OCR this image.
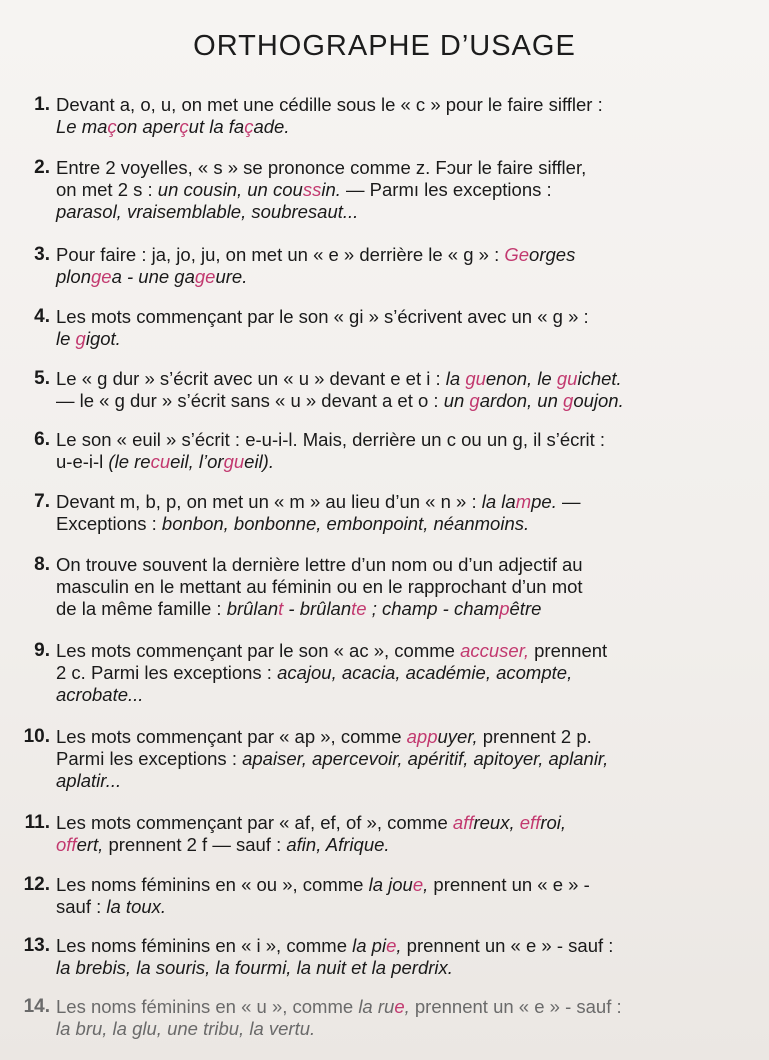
ORTHOGRAPHE D’USAGE
1. Devant a, o, u, on met une cédille sous le « c » pour le faire siffler :
Le maçon aperçut la façade.
2. Entre 2 voyelles, « s » se prononce comme z. Fɔur le faire siffler,
on met 2 s : un cousin, un coussin. — Parmı les exceptions :
parasol, vraisemblable, soubresaut...
3. Pour faire : ja, jo, ju, on met un « e » derrière le « g » : Georges
plongea - une gageure.
4. Les mots commençant par le son « gi » s’écrivent avec un « g » :
le gigot.
5. Le « g dur » s’écrit avec un « u » devant e et i : la guenon, le guichet.
— le « g dur » s’écrit sans « u » devant a et o : un gardon, un goujon.
6. Le son « euil » s’écrit : e-u-i-l. Mais, derrière un c ou un g, il s’écrit :
u-e-i-l (le recueil, l’orgueil).
7. Devant m, b, p, on met un « m » au lieu d’un « n » : la lampe. —
Exceptions : bonbon, bonbonne, embonpoint, néanmoins.
8. On trouve souvent la dernière lettre d’un nom ou d’un adjectif au
masculin en le mettant au féminin ou en le rapprochant d’un mot
de la même famille : brûlant - brûlante ; champ - champêtre
9. Les mots commençant par le son « ac », comme accuser, prennent
2 c. Parmi les exceptions : acajou, acacia, académie, acompte,
acrobate...
10. Les mots commençant par « ap », comme appuyer, prennent 2 p.
Parmi les exceptions : apaiser, apercevoir, apéritif, apitoyer, aplanir,
aplatir...
11. Les mots commençant par « af, ef, of », comme affreux, effroi,
offert, prennent 2 f — sauf : afin, Afrique.
12. Les noms féminins en « ou », comme la joue, prennent un « e » -
sauf : la toux.
13. Les noms féminins en « i », comme la pie, prennent un « e » - sauf :
la brebis, la souris, la fourmi, la nuit et la perdrix.
14. Les noms féminins en « u », comme la rue, prennent un « e » - sauf :
la bru, la glu, une tribu, la vertu.
